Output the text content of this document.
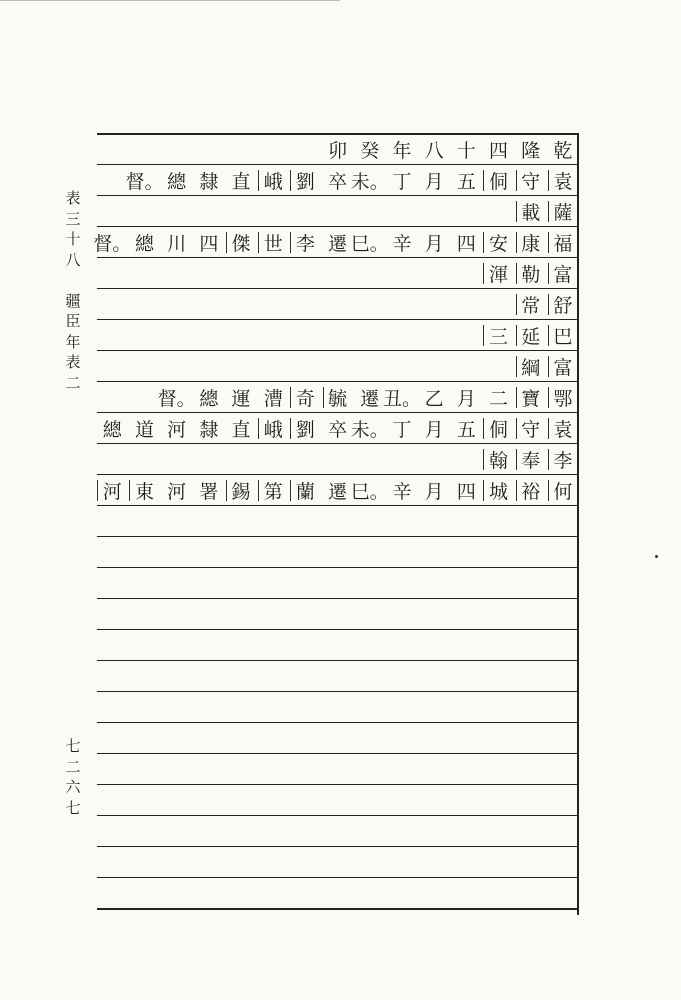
表
三
十
八
疆
臣
年
表
二
七
二
六
七
乾
隆
四
十
八
年
癸
卯
袁
守
侗
五
月
丁
未。
卒
劉
峨
直
隸
總
督。
薩
載
福
康
安
四
月
辛
巳。
遷
李
世
傑
四
川
總
督。
富
勒
渾
舒
常
巴
延
三
富
綱
鄂
寶
二
月
乙
丑。
遷
毓
奇
漕
運
總
督。
袁
守
侗
五
月
丁
未。
卒
劉
峨
直
隸
河
道
總
李
奉
翰
何
裕
城
四
月
辛
巳。
遷
蘭
第
錫
署
河
東
河
